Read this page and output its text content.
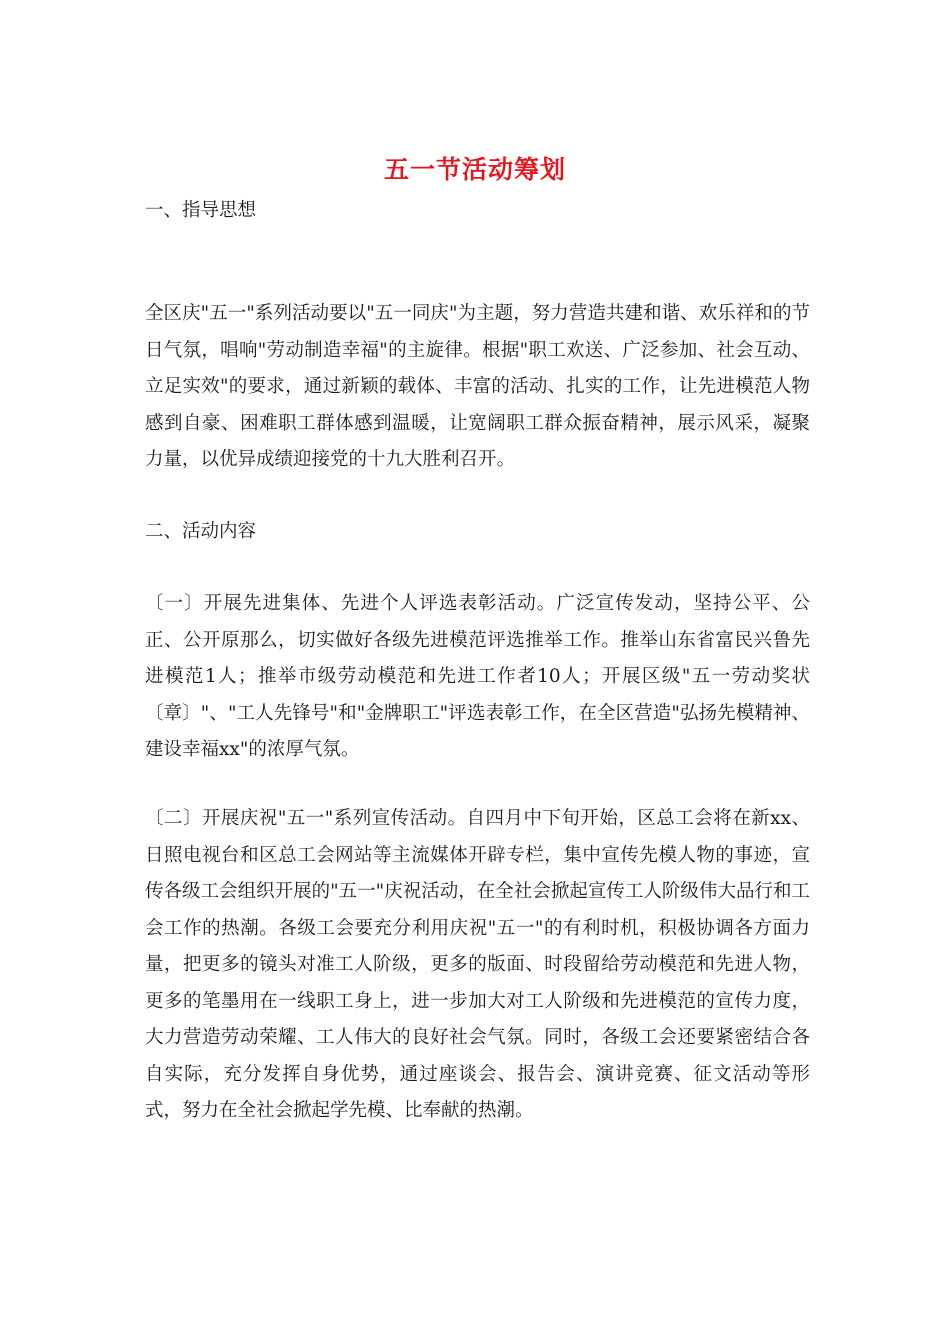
五一节活动筹划
一、指导思想
全区庆"五一"系列活动要以"五一同庆"为主题，努力营造共建和谐、欢乐祥和的节日气氛，唱响"劳动制造幸福"的主旋律。根据"职工欢送、广泛参加、社会互动、立足实效"的要求，通过新颖的载体、丰富的活动、扎实的工作，让先进模范人物感到自豪、困难职工群体感到温暖，让宽阔职工群众振奋精神，展示风采，凝聚力量，以优异成绩迎接党的十九大胜利召开。
二、活动内容
〔一〕开展先进集体、先进个人评选表彰活动。广泛宣传发动，坚持公平、公正、公开原那么，切实做好各级先进模范评选推举工作。推举山东省富民兴鲁先进模范1人；推举市级劳动模范和先进工作者10人；开展区级"五一劳动奖状〔章〕"、"工人先锋号"和"金牌职工"评选表彰工作，在全区营造"弘扬先模精神、建设幸福xx"的浓厚气氛。
〔二〕开展庆祝"五一"系列宣传活动。自四月中下旬开始，区总工会将在新xx、日照电视台和区总工会网站等主流媒体开辟专栏，集中宣传先模人物的事迹，宣传各级工会组织开展的"五一"庆祝活动，在全社会掀起宣传工人阶级伟大品行和工会工作的热潮。各级工会要充分利用庆祝"五一"的有利时机，积极协调各方面力量，把更多的镜头对准工人阶级，更多的版面、时段留给劳动模范和先进人物，更多的笔墨用在一线职工身上，进一步加大对工人阶级和先进模范的宣传力度，大力营造劳动荣耀、工人伟大的良好社会气氛。同时，各级工会还要紧密结合各自实际，充分发挥自身优势，通过座谈会、报告会、演讲竞赛、征文活动等形式，努力在全社会掀起学先模、比奉献的热潮。
